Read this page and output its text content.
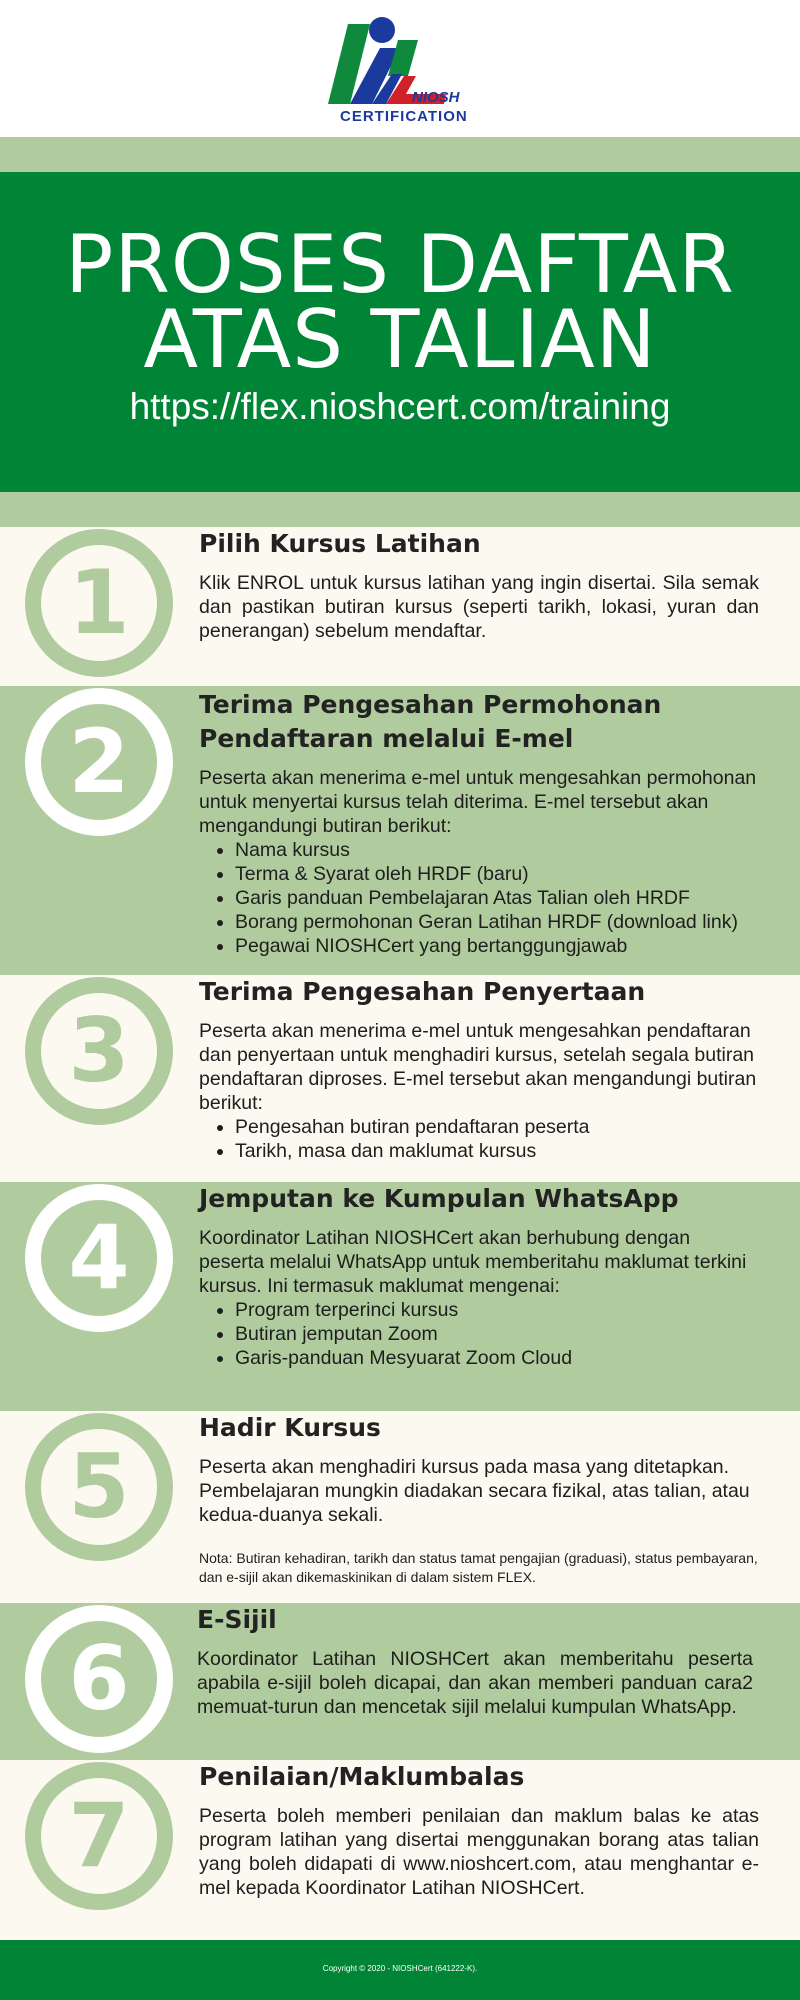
NIOSH
CERTIFICATION
PROSES DAFTAR
ATAS TALIAN
https://flex.nioshcert.com/training
1
Pilih Kursus Latihan
Klik ENROL untuk kursus latihan yang ingin disertai. Sila semak dan pastikan butiran kursus (seperti tarikh, lokasi, yuran dan penerangan) sebelum mendaftar.
2
Terima Pengesahan Permohonan Pendaftaran melalui E-mel
Peserta akan menerima e-mel untuk mengesahkan permohonan untuk menyertai kursus telah diterima. E-mel tersebut akan mengandungi butiran berikut:
• Nama kursus
• Terma & Syarat oleh HRDF (baru)
• Garis panduan Pembelajaran Atas Talian oleh HRDF
• Borang permohonan Geran Latihan HRDF (download link)
• Pegawai NIOSHCert yang bertanggungjawab
3
Terima Pengesahan Penyertaan
Peserta akan menerima e-mel untuk mengesahkan pendaftaran dan penyertaan untuk menghadiri kursus, setelah segala butiran pendaftaran diproses. E-mel tersebut akan mengandungi butiran berikut:
• Pengesahan butiran pendaftaran peserta
• Tarikh, masa dan maklumat kursus
4
Jemputan ke Kumpulan WhatsApp
Koordinator Latihan NIOSHCert akan berhubung dengan peserta melalui WhatsApp untuk memberitahu maklumat terkini kursus. Ini termasuk maklumat mengenai:
• Program terperinci kursus
• Butiran jemputan Zoom
• Garis-panduan Mesyuarat Zoom Cloud
5
Hadir Kursus
Peserta akan menghadiri kursus pada masa yang ditetapkan. Pembelajaran mungkin diadakan secara fizikal, atas talian, atau kedua-duanya sekali.
Nota: Butiran kehadiran, tarikh dan status tamat pengajian (graduasi), status pembayaran, dan e-sijil akan dikemaskinikan di dalam sistem FLEX.
6
E-Sijil
Koordinator Latihan NIOSHCert akan memberitahu peserta apabila e-sijil boleh dicapai, dan akan memberi panduan cara2 memuat-turun dan mencetak sijil melalui kumpulan WhatsApp.
7
Penilaian/Maklumbalas
Peserta boleh memberi penilaian dan maklum balas ke atas program latihan yang disertai menggunakan borang atas talian yang boleh didapati di www.nioshcert.com, atau menghantar e-mel kepada Koordinator Latihan NIOSHCert.
Copyright © 2020 - NIOSHCert (641222-K).
